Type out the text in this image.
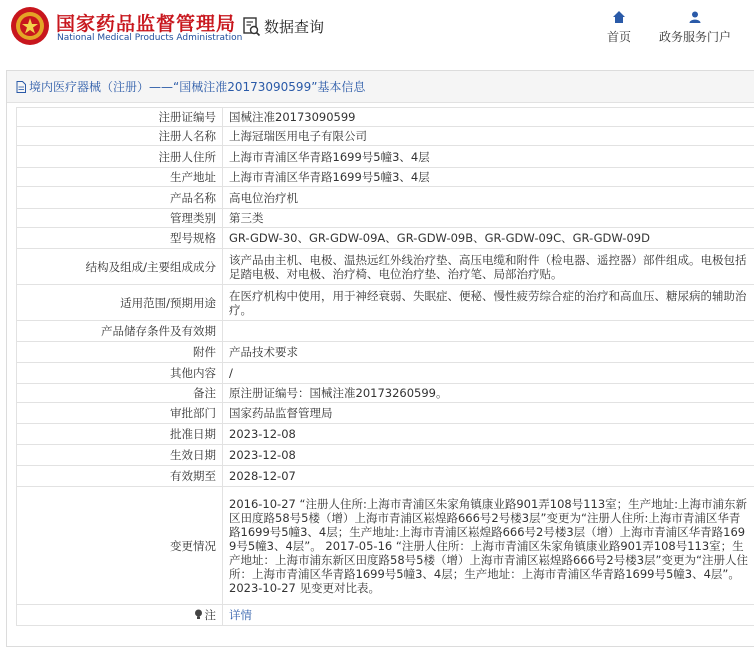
国家药品监督管理局
National Medical Products Administration
数据查询
首页 政务服务门户
境内医疗器械（注册）——“国械注准20173090599”基本信息
注册证编号	国械注准20173090599
注册人名称	上海冠瑞医用电子有限公司
注册人住所	上海市青浦区华青路1699号5幢3、4层
生产地址	上海市青浦区华青路1699号5幢3、4层
产品名称	高电位治疗机
管理类别	第三类
型号规格	GR-GDW-30、GR-GDW-09A、GR-GDW-09B、GR-GDW-09C、GR-GDW-09D
结构及组成/主要组成成分	该产品由主机、电极、温热远红外线治疗垫、高压电缆和附件（检电器、遥控器）部件组成。电极包括足踏电极、对电极、治疗椅、电位治疗垫、治疗笔、局部治疗贴。
适用范围/预期用途	在医疗机构中使用，用于神经衰弱、失眠症、便秘、慢性疲劳综合症的治疗和高血压、糖尿病的辅助治疗。
产品储存条件及有效期	
附件	产品技术要求
其他内容	/
备注	原注册证编号：国械注准20173260599。
审批部门	国家药品监督管理局
批准日期	2023-12-08
生效日期	2023-12-08
有效期至	2028-12-07
变更情况	2016-10-27 “注册人住所:上海市青浦区朱家角镇康业路901弄108号113室；生产地址:上海市浦东新区田度路58号5楼（增）上海市青浦区崧煌路666号2号楼3层”变更为“注册人住所:上海市青浦区华青路1699号5幢3、4层；生产地址:上海市青浦区崧煌路666号2号楼3层（增）上海市青浦区华青路1699号5幢3、4层”。 2017-05-16 “注册人住所：上海市青浦区朱家角镇康业路901弄108号113室；生产地址：上海市浦东新区田度路58号5楼（增）上海市青浦区崧煌路666号2号楼3层”变更为“注册人住所：上海市青浦区华青路1699号5幢3、4层；生产地址：上海市青浦区华青路1699号5幢3、4层”。 2023-10-27 见变更对比表。
注	详情
